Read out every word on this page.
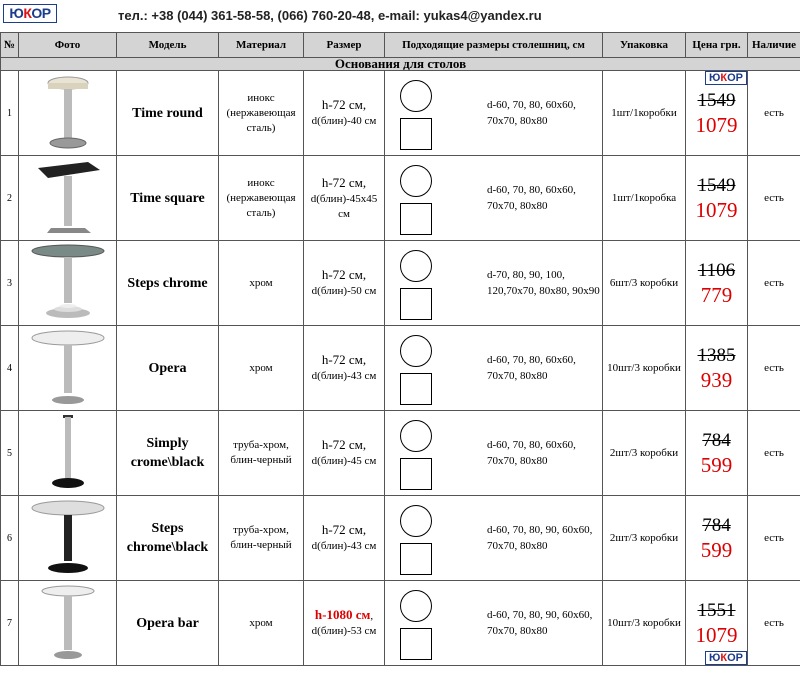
ЮКОР	тел.: +38 (044) 361-58-58, (066) 760-20-48, e-mail: yukas4@yandex.ru
№	Фото	Модель	Материал	Размер	Подходящие размеры столешниц, см	Упаковка	Цена грн.	Наличие
Основания для столов								
1		Time round	инокс (нержавеющая сталь)	h-72 см,
d(блин)-40 см	d-60, 70, 80, 60x60, 70x70, 80x80	1шт/1коробки	ЮКОР
1549
1079	есть
2		Time square	инокс (нержавеющая сталь)	h-72 см,
d(блин)-45x45 см	d-60, 70, 80, 60x60, 70x70, 80x80	1шт/1коробка	1549
1079	есть
3		Steps chrome	хром	h-72 см,
d(блин)-50 см	d-70, 80, 90, 100, 120,70x70, 80x80, 90x90	6шт/3 коробки	1106
779	есть
4		Opera	хром	h-72 см,
d(блин)-43 см	d-60, 70, 80, 60x60, 70x70, 80x80	10шт/3 коробки	1385
939	есть
5		Simply crome\black	труба-хром, блин-черный	h-72 см,
d(блин)-45 см	d-60, 70, 80, 60x60, 70x70, 80x80	2шт/3 коробки	784
599	есть
6		Steps chrome\black	труба-хром, блин-черный	h-72 см,
d(блин)-43 см	d-60, 70, 80, 90, 60x60, 70x70, 80x80	2шт/3 коробки	784
599	есть
7		Opera bar	хром	h-1080 см,
d(блин)-53 см	d-60, 70, 80, 90, 60x60, 70x70, 80x80	10шт/3 коробки	ЮКОР
1551
1079	есть
